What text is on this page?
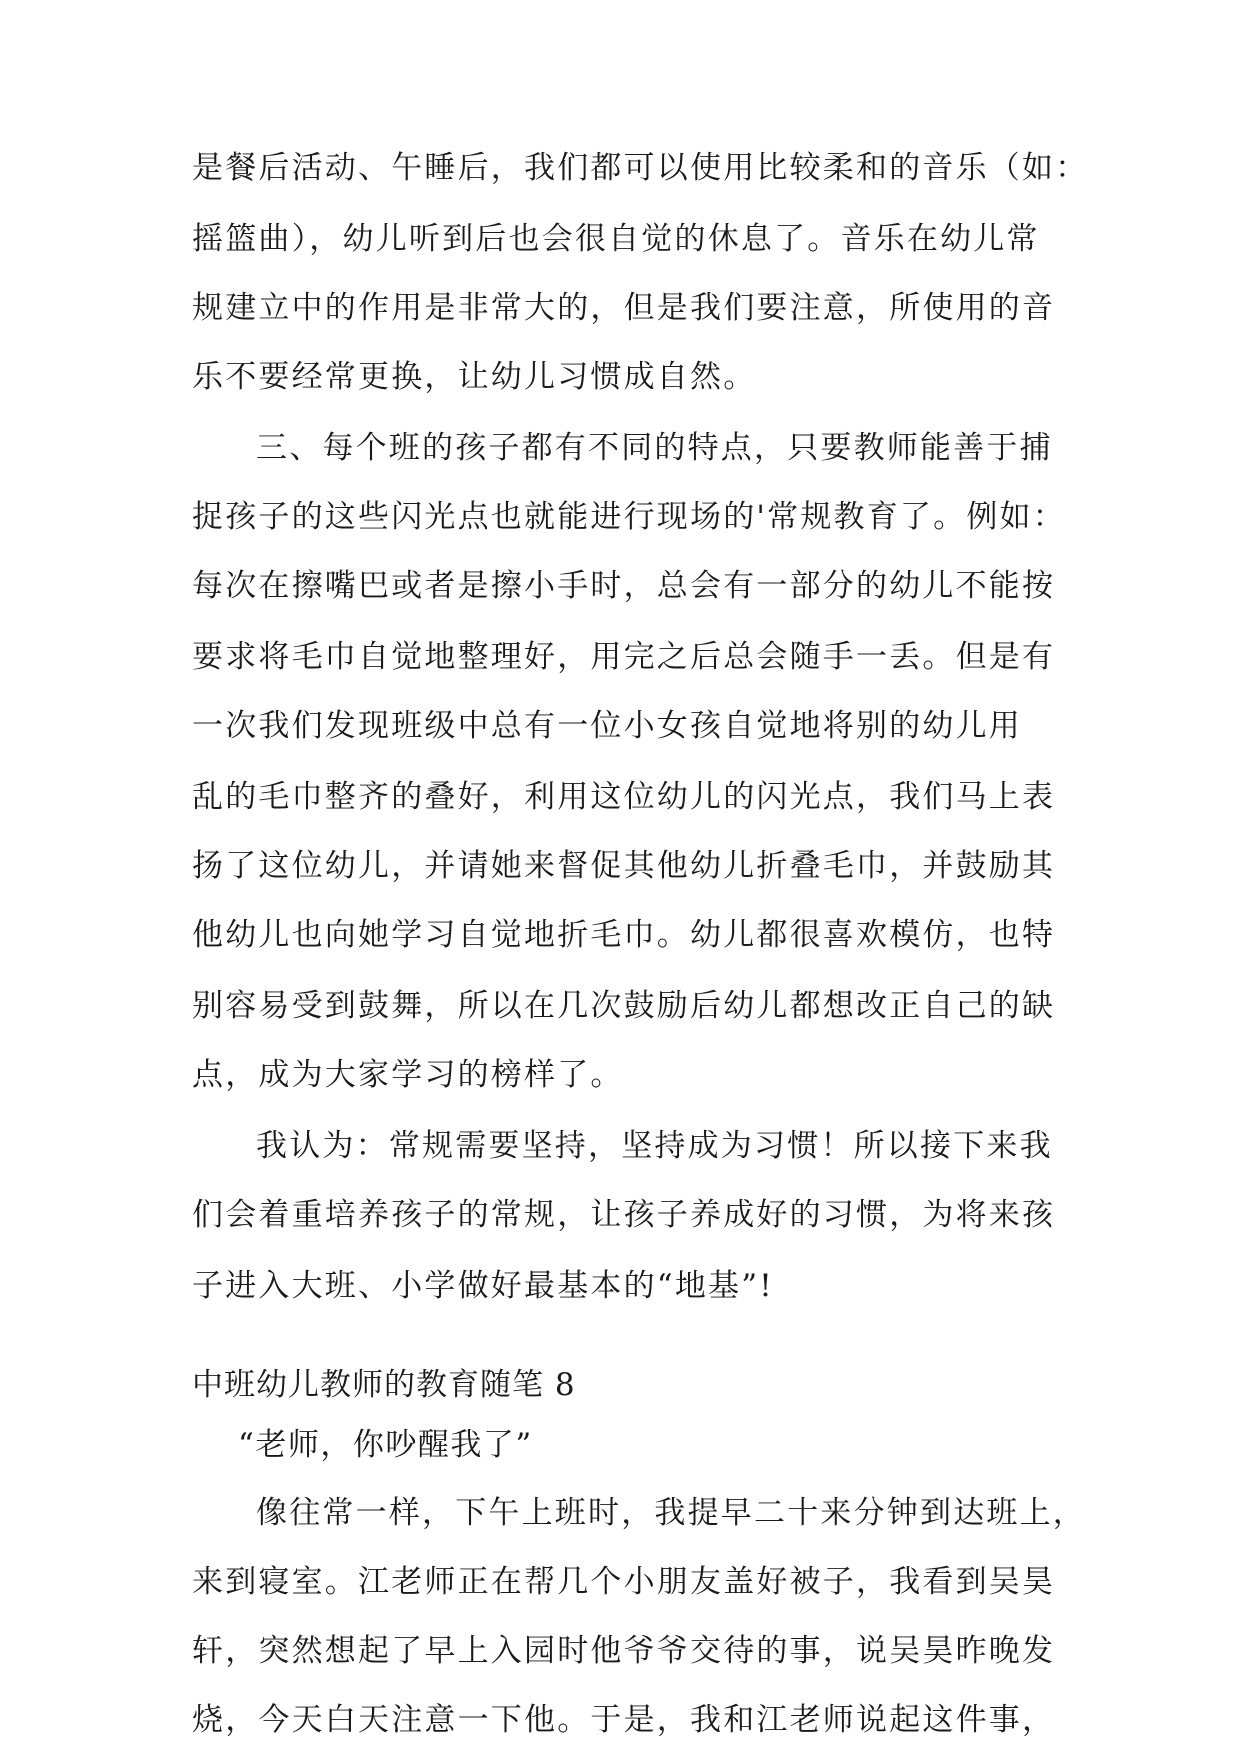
是餐后活动、午睡后，我们都可以使用比较柔和的音乐（如：
摇篮曲），幼儿听到后也会很自觉的休息了。音乐在幼儿常
规建立中的作用是非常大的，但是我们要注意，所使用的音
乐不要经常更换，让幼儿习惯成自然。
三、每个班的孩子都有不同的特点，只要教师能善于捕
捉孩子的这些闪光点也就能进行现场的'常规教育了。例如：
每次在擦嘴巴或者是擦小手时，总会有一部分的幼儿不能按
要求将毛巾自觉地整理好，用完之后总会随手一丢。但是有
一次我们发现班级中总有一位小女孩自觉地将别的幼儿用
乱的毛巾整齐的叠好，利用这位幼儿的闪光点，我们马上表
扬了这位幼儿，并请她来督促其他幼儿折叠毛巾，并鼓励其
他幼儿也向她学习自觉地折毛巾。幼儿都很喜欢模仿，也特
别容易受到鼓舞，所以在几次鼓励后幼儿都想改正自己的缺
点，成为大家学习的榜样了。
我认为：常规需要坚持，坚持成为习惯！所以接下来我
们会着重培养孩子的常规，让孩子养成好的习惯，为将来孩
子进入大班、小学做好最基本的“地基”!
中班幼儿教师的教育随笔 8
“老师，你吵醒我了”
像往常一样，下午上班时，我提早二十来分钟到达班上，
来到寝室。江老师正在帮几个小朋友盖好被子，我看到吴昊
轩，突然想起了早上入园时他爷爷交待的事，说吴昊昨晚发
烧，今天白天注意一下他。于是，我和江老师说起这件事，
